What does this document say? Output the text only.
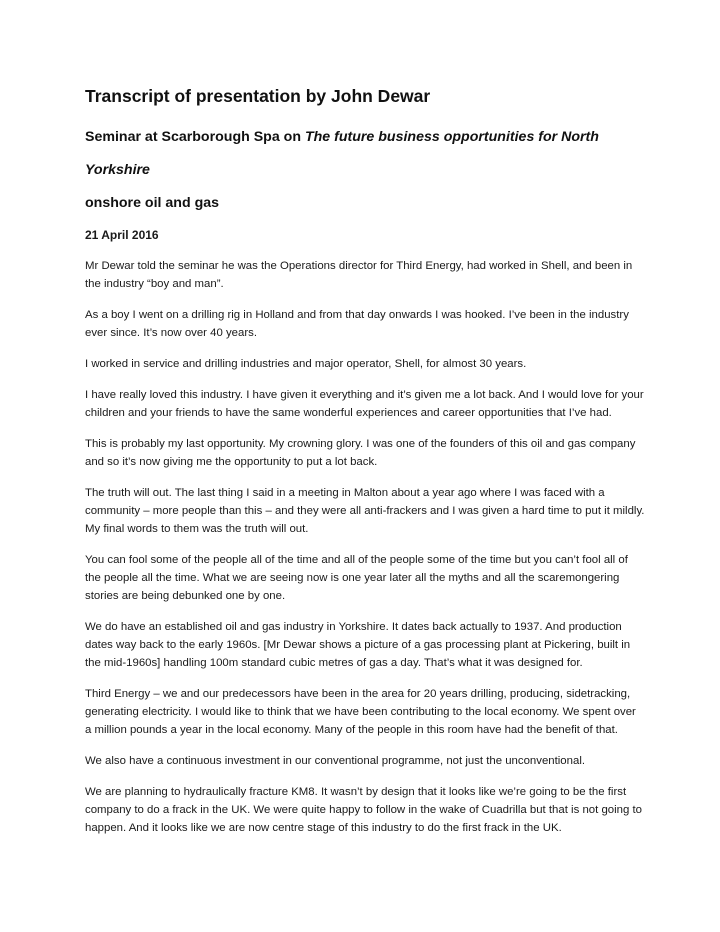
Transcript of presentation by John Dewar

Seminar at Scarborough Spa on The future business opportunities for North Yorkshire
onshore oil and gas

21 April 2016

Mr Dewar told the seminar he was the Operations director for Third Energy, had worked in Shell, and been in the industry “boy and man”.

As a boy I went on a drilling rig in Holland and from that day onwards I was hooked. I’ve been in the industry ever since. It’s now over 40 years.

I worked in service and drilling industries and major operator, Shell, for almost 30 years.

I have really loved this industry. I have given it everything and it’s given me a lot back. And I would love for your children and your friends to have the same wonderful experiences and career opportunities that I’ve had.

This is probably my last opportunity. My crowning glory. I was one of the founders of this oil and gas company and so it’s now giving me the opportunity to put a lot back.

The truth will out. The last thing I said in a meeting in Malton about a year ago where I was faced with a community – more people than this – and they were all anti-frackers and I was given a hard time to put it mildly. My final words to them was the truth will out.

You can fool some of the people all of the time and all of the people some of the time but you can’t fool all of the people all the time. What we are seeing now is one year later all the myths and all the scaremongering stories are being debunked one by one.

We do have an established oil and gas industry in Yorkshire. It dates back actually to 1937. And production dates way back to the early 1960s. [Mr Dewar shows a picture of a gas processing plant at Pickering, built in the mid-1960s] handling 100m standard cubic metres of gas a day. That’s what it was designed for.

Third Energy – we and our predecessors have been in the area for 20 years drilling, producing, sidetracking, generating electricity. I would like to think that we have been contributing to the local economy. We spent over a million pounds a year in the local economy. Many of the people in this room have had the benefit of that.

We also have a continuous investment in our conventional programme, not just the unconventional.

We are planning to hydraulically fracture KM8. It wasn’t by design that it looks like we’re going to be the first company to do a frack in the UK. We were quite happy to follow in the wake of Cuadrilla but that is not going to happen. And it looks like we are now centre stage of this industry to do the first frack in the UK.
